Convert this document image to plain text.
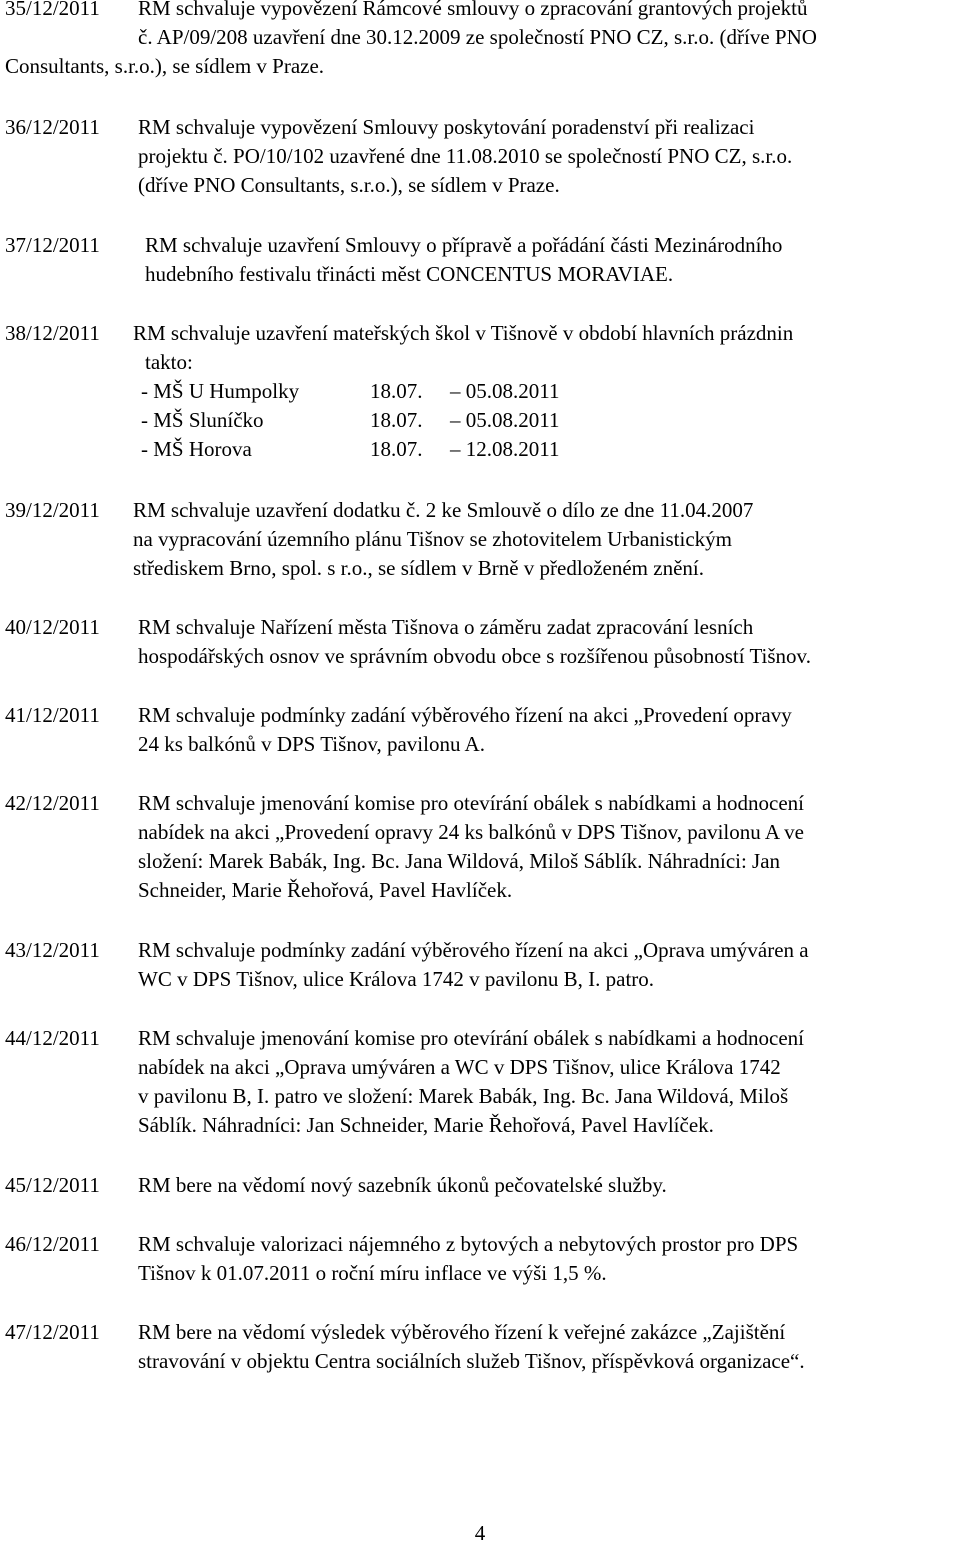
35/12/2011 RM schvaluje vypovězení Rámcové smlouvy o zpracování grantových projektů
č. AP/09/208 uzavření dne 30.12.2009 ze společností PNO CZ, s.r.o. (dříve PNO
Consultants, s.r.o.), se sídlem v Praze.
36/12/2011 RM schvaluje vypovězení Smlouvy poskytování poradenství při realizaci
projektu č. PO/10/102 uzavřené dne 11.08.2010 se společností PNO CZ, s.r.o.
(dříve PNO Consultants, s.r.o.), se sídlem v Praze.
37/12/2011 RM schvaluje uzavření Smlouvy o přípravě a pořádání části Mezinárodního
hudebního festivalu třinácti měst CONCENTUS MORAVIAE.
38/12/2011 RM schvaluje uzavření mateřských škol v Tišnově v období hlavních prázdnin
takto:
- MŠ U Humpolky	18.07. – 05.08.2011
- MŠ Sluníčko	18.07. – 05.08.2011
- MŠ Horova	18.07. – 12.08.2011
39/12/2011 RM schvaluje uzavření dodatku č. 2 ke Smlouvě o dílo ze dne 11.04.2007
na vypracování územního plánu Tišnov se zhotovitelem Urbanistickým
střediskem Brno, spol. s r.o., se sídlem v Brně v předloženém znění.
40/12/2011 RM schvaluje Nařízení města Tišnova o záměru zadat zpracování lesních
hospodářských osnov ve správním obvodu obce s rozšířenou působností Tišnov.
41/12/2011 RM schvaluje podmínky zadání výběrového řízení na akci „Provedení opravy
24 ks balkónů v DPS Tišnov, pavilonu A.
42/12/2011 RM schvaluje jmenování komise pro otevírání obálek s nabídkami a hodnocení
nabídek na akci „Provedení opravy 24 ks balkónů v DPS Tišnov, pavilonu A ve
složení: Marek Babák, Ing. Bc. Jana Wildová, Miloš Sáblík. Náhradníci: Jan
Schneider, Marie Řehořová, Pavel Havlíček.
43/12/2011 RM schvaluje podmínky zadání výběrového řízení na akci „Oprava umýváren a
WC v DPS Tišnov, ulice Králova 1742 v pavilonu B, I. patro.
44/12/2011 RM schvaluje jmenování komise pro otevírání obálek s nabídkami a hodnocení
nabídek na akci „Oprava umýváren a WC v DPS Tišnov, ulice Králova 1742
v pavilonu B, I. patro ve složení: Marek Babák, Ing. Bc. Jana Wildová, Miloš
Sáblík. Náhradníci: Jan Schneider, Marie Řehořová, Pavel Havlíček.
45/12/2011 RM bere na vědomí nový sazebník úkonů pečovatelské služby.
46/12/2011 RM schvaluje valorizaci nájemného z bytových a nebytových prostor pro DPS
Tišnov k 01.07.2011 o roční míru inflace ve výši 1,5 %.
47/12/2011 RM bere na vědomí výsledek výběrového řízení k veřejné zakázce „Zajištění
stravování v objektu Centra sociálních služeb Tišnov, příspěvková organizace“.
4
